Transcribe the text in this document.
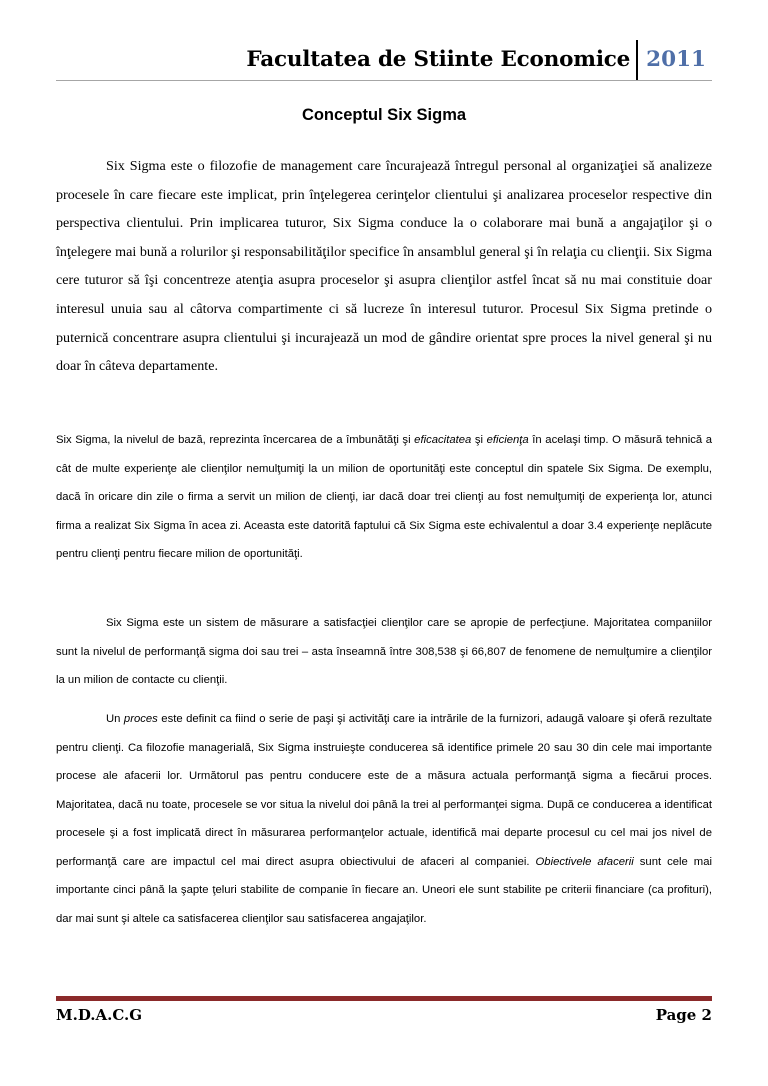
Facultatea de Stiinte Economice 2011
Conceptul Six Sigma

Six Sigma este o filozofie de management care încurajează întregul personal al organizaţiei să analizeze procesele în care fiecare este implicat, prin înţelegerea cerinţelor clientului şi analizarea proceselor respective din perspectiva clientului. Prin implicarea tuturor, Six Sigma conduce la o colaborare mai bună a angajaţilor şi o înţelegere mai bună a rolurilor şi responsabilităţilor specifice în ansamblul general şi în relaţia cu clienţii. Six Sigma cere tuturor să îşi concentreze atenţia asupra proceselor şi asupra clienţilor astfel încat să nu mai constituie doar interesul unuia sau al câtorva compartimente ci să lucreze în interesul tuturor. Procesul Six Sigma pretinde o puternică concentrare asupra clientului şi incurajează un mod de gândire orientat spre proces la nivel general şi nu doar în câteva departamente.

Six Sigma, la nivelul de bază, reprezinta încercarea de a îmbunătăţi şi eficacitatea şi eficienţa în acelaşi timp. O măsură tehnică a cât de multe experienţe ale clienţilor nemulţumiţi la un milion de oportunităţi este conceptul din spatele Six Sigma. De exemplu, dacă în oricare din zile o firma a servit un milion de clienţi, iar dacă doar trei clienţi au fost nemulţumiţi de experienţa lor, atunci firma a realizat Six Sigma în acea zi. Aceasta este datorită faptului că Six Sigma este echivalentul a doar 3.4 experienţe neplăcute pentru clienţi pentru fiecare milion de oportunităţi.

Six Sigma este un sistem de măsurare a satisfacţiei clienţilor care se apropie de perfecţiune. Majoritatea companiilor sunt la nivelul de performanţă sigma doi sau trei – asta înseamnă între 308,538 şi 66,807 de fenomene de nemulţumire a clienţilor la un milion de contacte cu clienţii.

Un proces este definit ca fiind o serie de paşi şi activităţi care ia intrările de la furnizori, adaugă valoare şi oferă rezultate pentru clienţi. Ca filozofie managerială, Six Sigma instruieşte conducerea să identifice primele 20 sau 30 din cele mai importante procese ale afacerii lor. Următorul pas pentru conducere este de a măsura actuala performanţă sigma a fiecărui proces. Majoritatea, dacă nu toate, procesele se vor situa la nivelul doi până la trei al performanţei sigma. După ce conducerea a identificat procesele şi a fost implicată direct în măsurarea performanţelor actuale, identifică mai departe procesul cu cel mai jos nivel de performanţă care are impactul cel mai direct asupra obiectivului de afaceri al companiei. Obiectivele afacerii sunt cele mai importante cinci până la şapte ţeluri stabilite de companie în fiecare an. Uneori ele sunt stabilite pe criterii financiare (ca profituri), dar mai sunt şi altele ca satisfacerea clienţilor sau satisfacerea angajaţilor.

M.D.A.C.G	Page 2
